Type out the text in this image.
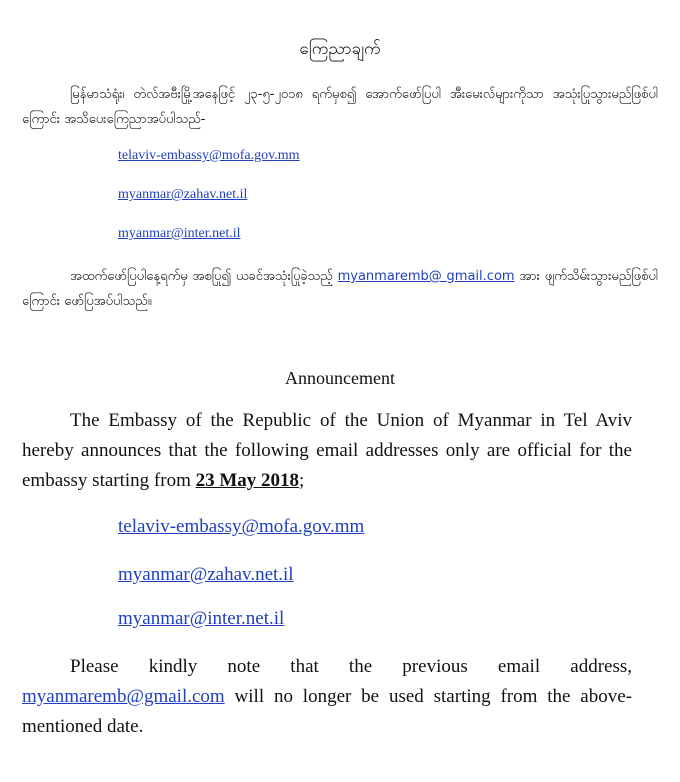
ကြေညာချက်

မြန်မာသံရုံး၊ တဲလ်အဗီးမြို့အနေဖြင့် ၂၃-၅-၂၀၁၈ ရက်မှစ၍ အောက်ဖော်ပြပါ အီးမေးလ်များကိုသာ အသုံးပြုသွားမည်ဖြစ်ပါကြောင်း အသိပေးကြေညာအပ်ပါသည်-

telaviv-embassy@mofa.gov.mm
myanmar@zahav.net.il
myanmar@inter.net.il

အထက်ဖော်ပြပါနေ့ရက်မှ အစပြု၍ ယခင်အသုံးပြုခဲ့သည့် myanmaremb@ gmail.com အား ဖျက်သိမ်းသွားမည်ဖြစ်ပါကြောင်း ဖော်ပြအပ်ပါသည်။

Announcement

The Embassy of the Republic of the Union of Myanmar in Tel Aviv hereby announces that the following email addresses only are official for the embassy starting from 23 May 2018;

telaviv-embassy@mofa.gov.mm
myanmar@zahav.net.il
myanmar@inter.net.il

Please kindly note that the previous email address, myanmaremb@gmail.com will no longer be used starting from the above-mentioned date.
